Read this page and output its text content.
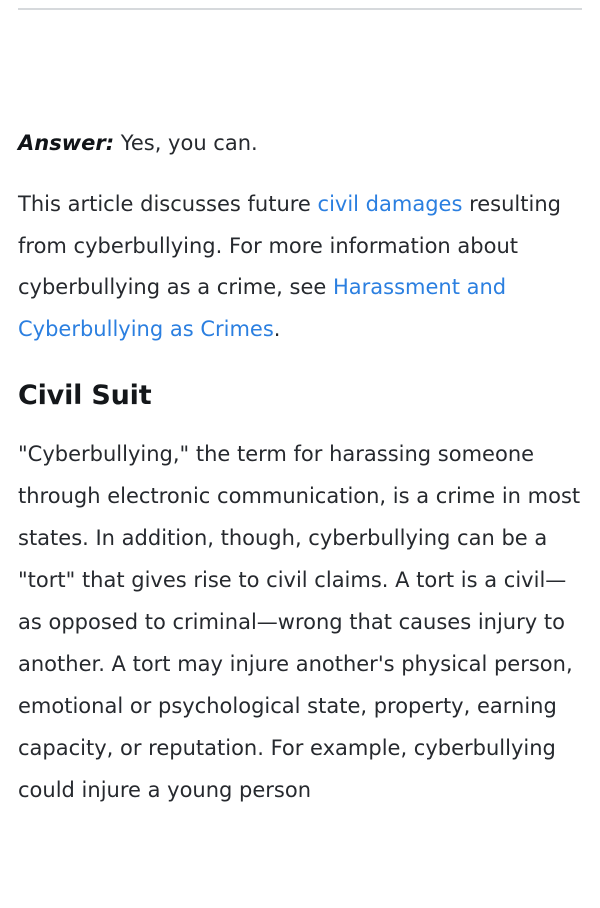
Answer: Yes, you can.

This article discusses future civil damages resulting from cyberbullying. For more information about cyberbullying as a crime, see Harassment and Cyberbullying as Crimes.

Civil Suit

"Cyberbullying," the term for harassing someone through electronic communication, is a crime in most states. In addition, though, cyberbullying can be a "tort" that gives rise to civil claims. A tort is a civil—as opposed to criminal—wrong that causes injury to another. A tort may injure another's physical person, emotional or psychological state, property, earning capacity, or reputation. For example, cyberbullying could injure a young person
